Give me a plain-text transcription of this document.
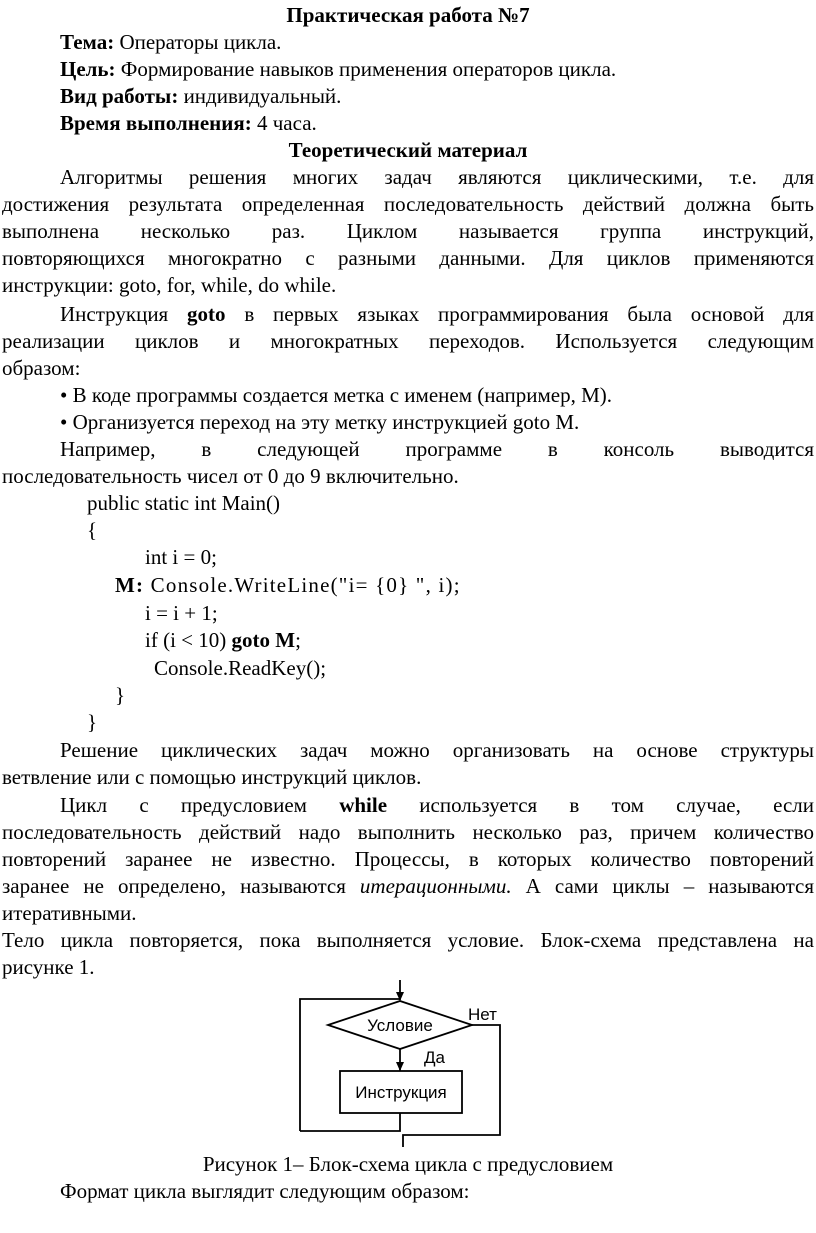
Практическая работа №7
Тема: Операторы цикла.
Цель: Формирование навыков применения операторов цикла.
Вид работы: индивидуальный.
Время выполнения: 4 часа.
Теоретический материал
Алгоритмы решения многих задач являются циклическими, т.е. для
достижения результата определенная последовательность действий должна быть
выполнена несколько раз. Циклом называется группа инструкций,
повторяющихся многократно с разными данными. Для циклов применяются
инструкции: goto, for, while, do while.
Инструкция goto в первых языках программирования была основой для
реализации циклов и многократных переходов. Используется следующим
образом:
• В коде программы создается метка с именем (например, М).
• Организуется переход на эту метку инструкцией goto М.
Например, в следующей программе в консоль выводится
последовательность чисел от 0 до 9 включительно.
public static int Main()
{
int i = 0;
M: Console.WriteLine("i= {0} ", i);
i = i + 1;
if (i < 10) goto M;
Console.ReadKey();
}
}
Решение циклических задач можно организовать на основе структуры
ветвление или с помощью инструкций циклов.
Цикл с предусловием while используется в том случае, если
последовательность действий надо выполнить несколько раз, причем количество
повторений заранее не известно. Процессы, в которых количество повторений
заранее не определено, называются итерационными. А сами циклы – называются
итеративными.
Тело цикла повторяется, пока выполняется условие. Блок-схема представлена на
рисунке 1.
Условие
Нет
Да
Инструкция
Рисунок 1– Блок-схема цикла с предусловием
Формат цикла выглядит следующим образом:
